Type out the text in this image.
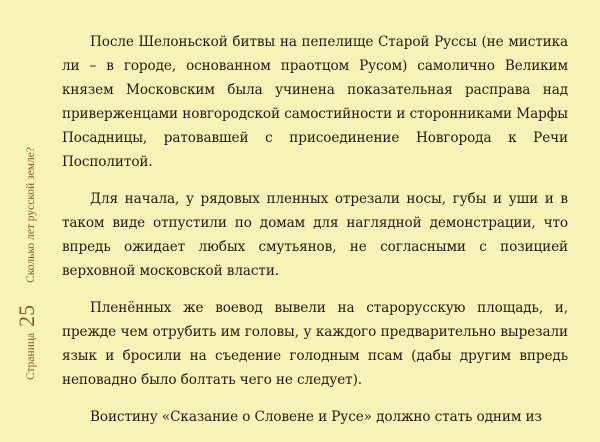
Страница
25
Сколько лет русской земле?

После Шелоньской битвы на пепелище Старой Руссы (не мистика ли – в городе, основанном праотцом Русом) самолично Великим князем Московским была учинена показательная расправа над приверженцами новгородской самостийности и сторонниками Марфы Посадницы, ратовавшей с присоединение Новгорода к Речи Посполитой.

Для начала, у рядовых пленных отрезали носы, губы и уши и в таком виде отпустили по домам для наглядной демонстрации, что впредь ожидает любых смутьянов, не согласными с позицией верховной московской власти.

Пленённых же воевод вывели на старорусскую площадь, и, прежде чем отрубить им головы, у каждого предварительно вырезали язык и бросили на съедение голодным псам (дабы другим впредь неповадно было болтать чего не следует).

Воистину «Сказание о Словене и Русе» должно стать одним из
